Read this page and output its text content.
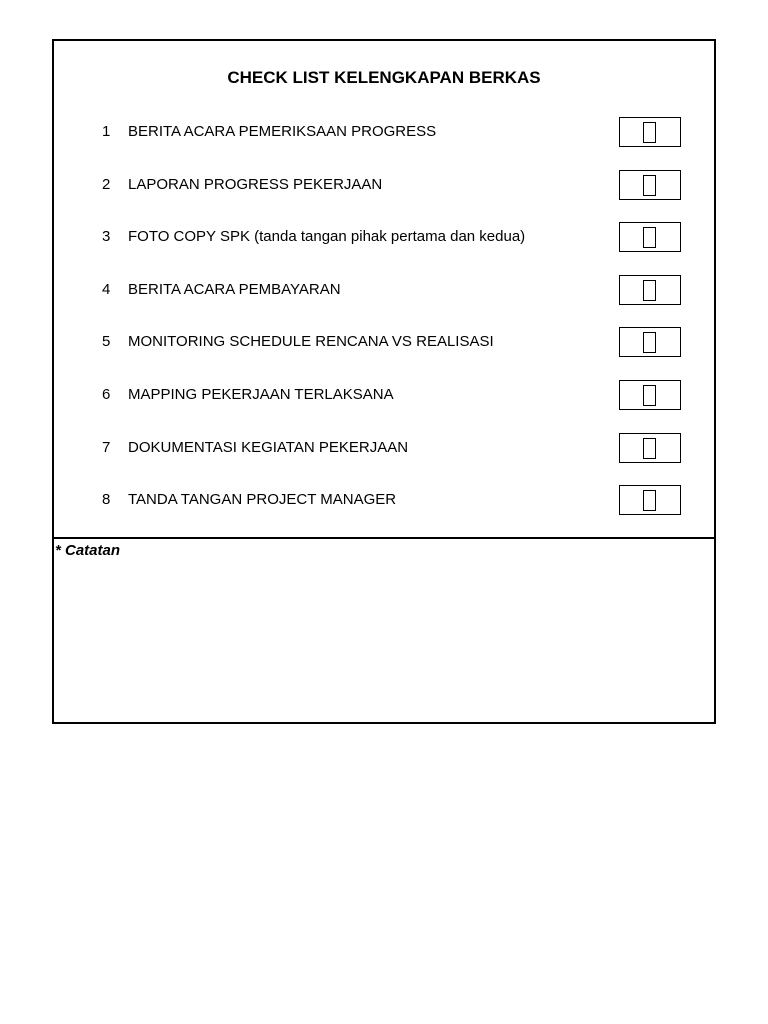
CHECK LIST KELENGKAPAN BERKAS
1 BERITA ACARA PEMERIKSAAN PROGRESS
2 LAPORAN PROGRESS PEKERJAAN
3 FOTO COPY SPK (tanda tangan pihak pertama dan kedua)
4 BERITA ACARA PEMBAYARAN
5 MONITORING SCHEDULE RENCANA VS REALISASI
6 MAPPING PEKERJAAN TERLAKSANA
7 DOKUMENTASI KEGIATAN PEKERJAAN
8 TANDA TANGAN PROJECT MANAGER
* Catatan
